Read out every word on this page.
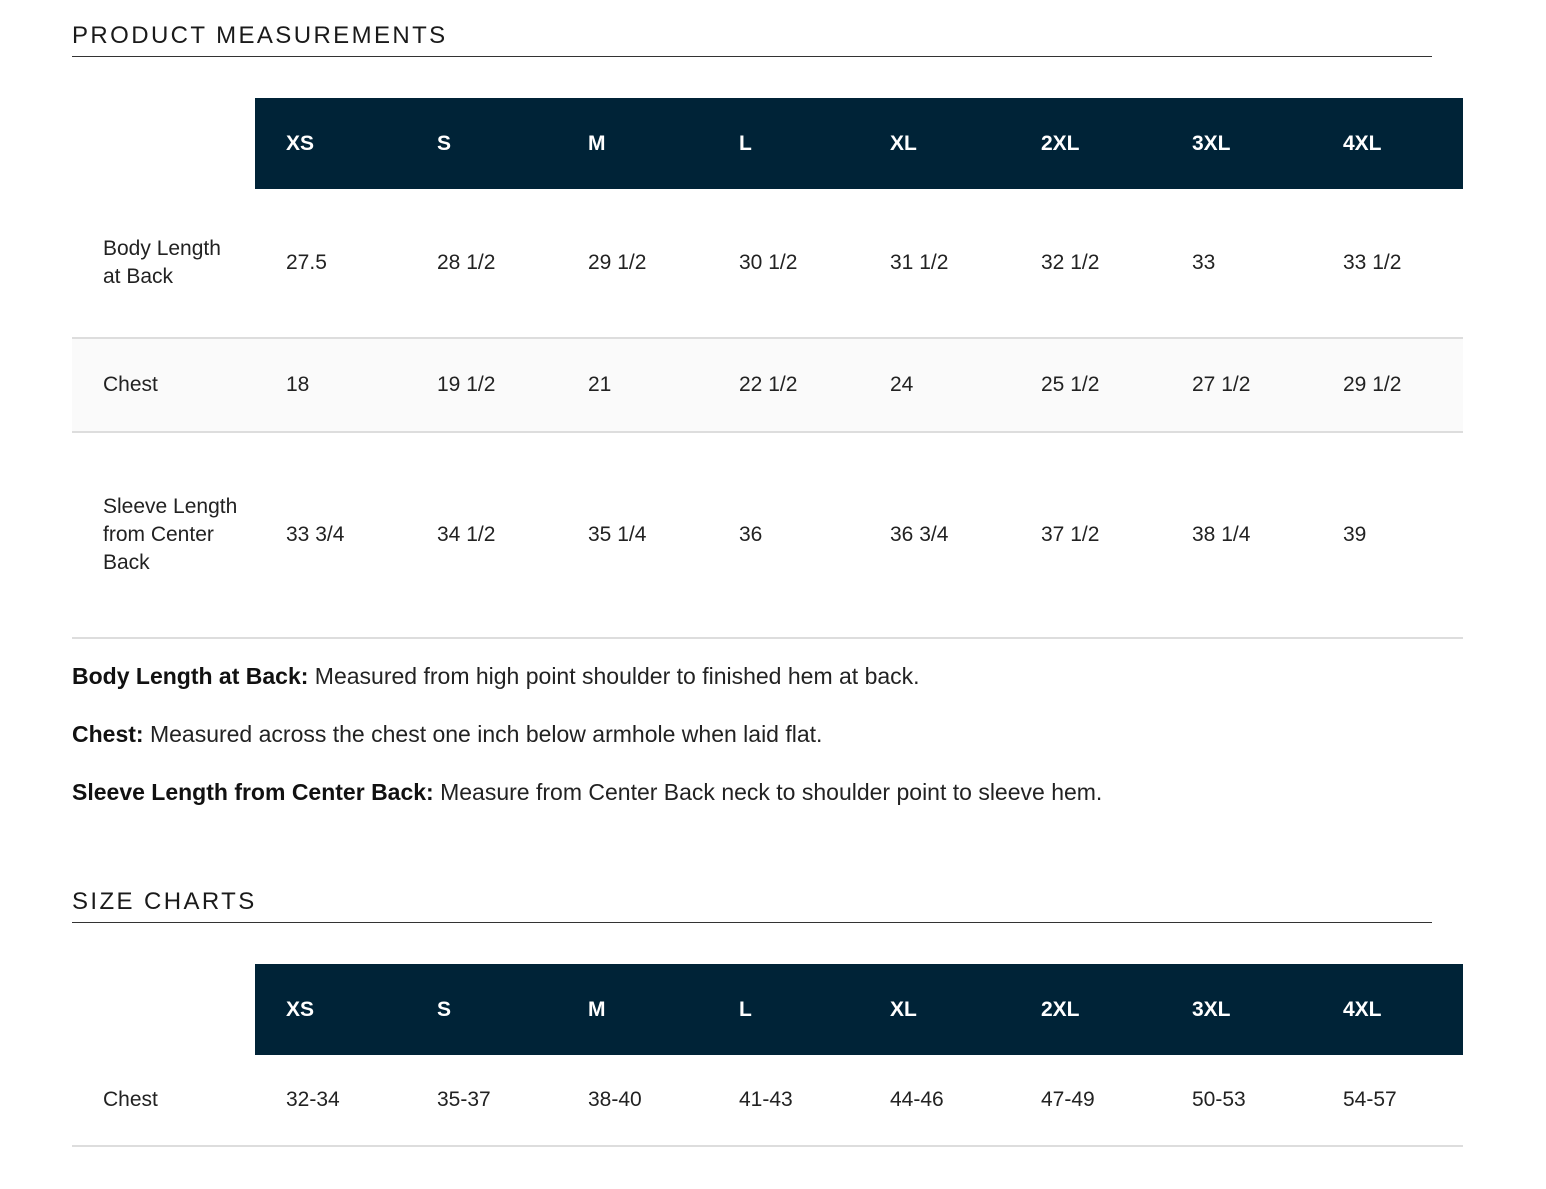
PRODUCT MEASUREMENTS
	XS	S	M	L	XL	2XL	3XL	4XL
Body Length at Back	27.5	28 1/2	29 1/2	30 1/2	31 1/2	32 1/2	33	33 1/2
Chest	18	19 1/2	21	22 1/2	24	25 1/2	27 1/2	29 1/2
Sleeve Length from Center Back	33 3/4	34 1/2	35 1/4	36	36 3/4	37 1/2	38 1/4	39

Body Length at Back: Measured from high point shoulder to finished hem at back.

Chest: Measured across the chest one inch below armhole when laid flat.

Sleeve Length from Center Back: Measure from Center Back neck to shoulder point to sleeve hem.

SIZE CHARTS
	XS	S	M	L	XL	2XL	3XL	4XL
Chest	32-34	35-37	38-40	41-43	44-46	47-49	50-53	54-57
